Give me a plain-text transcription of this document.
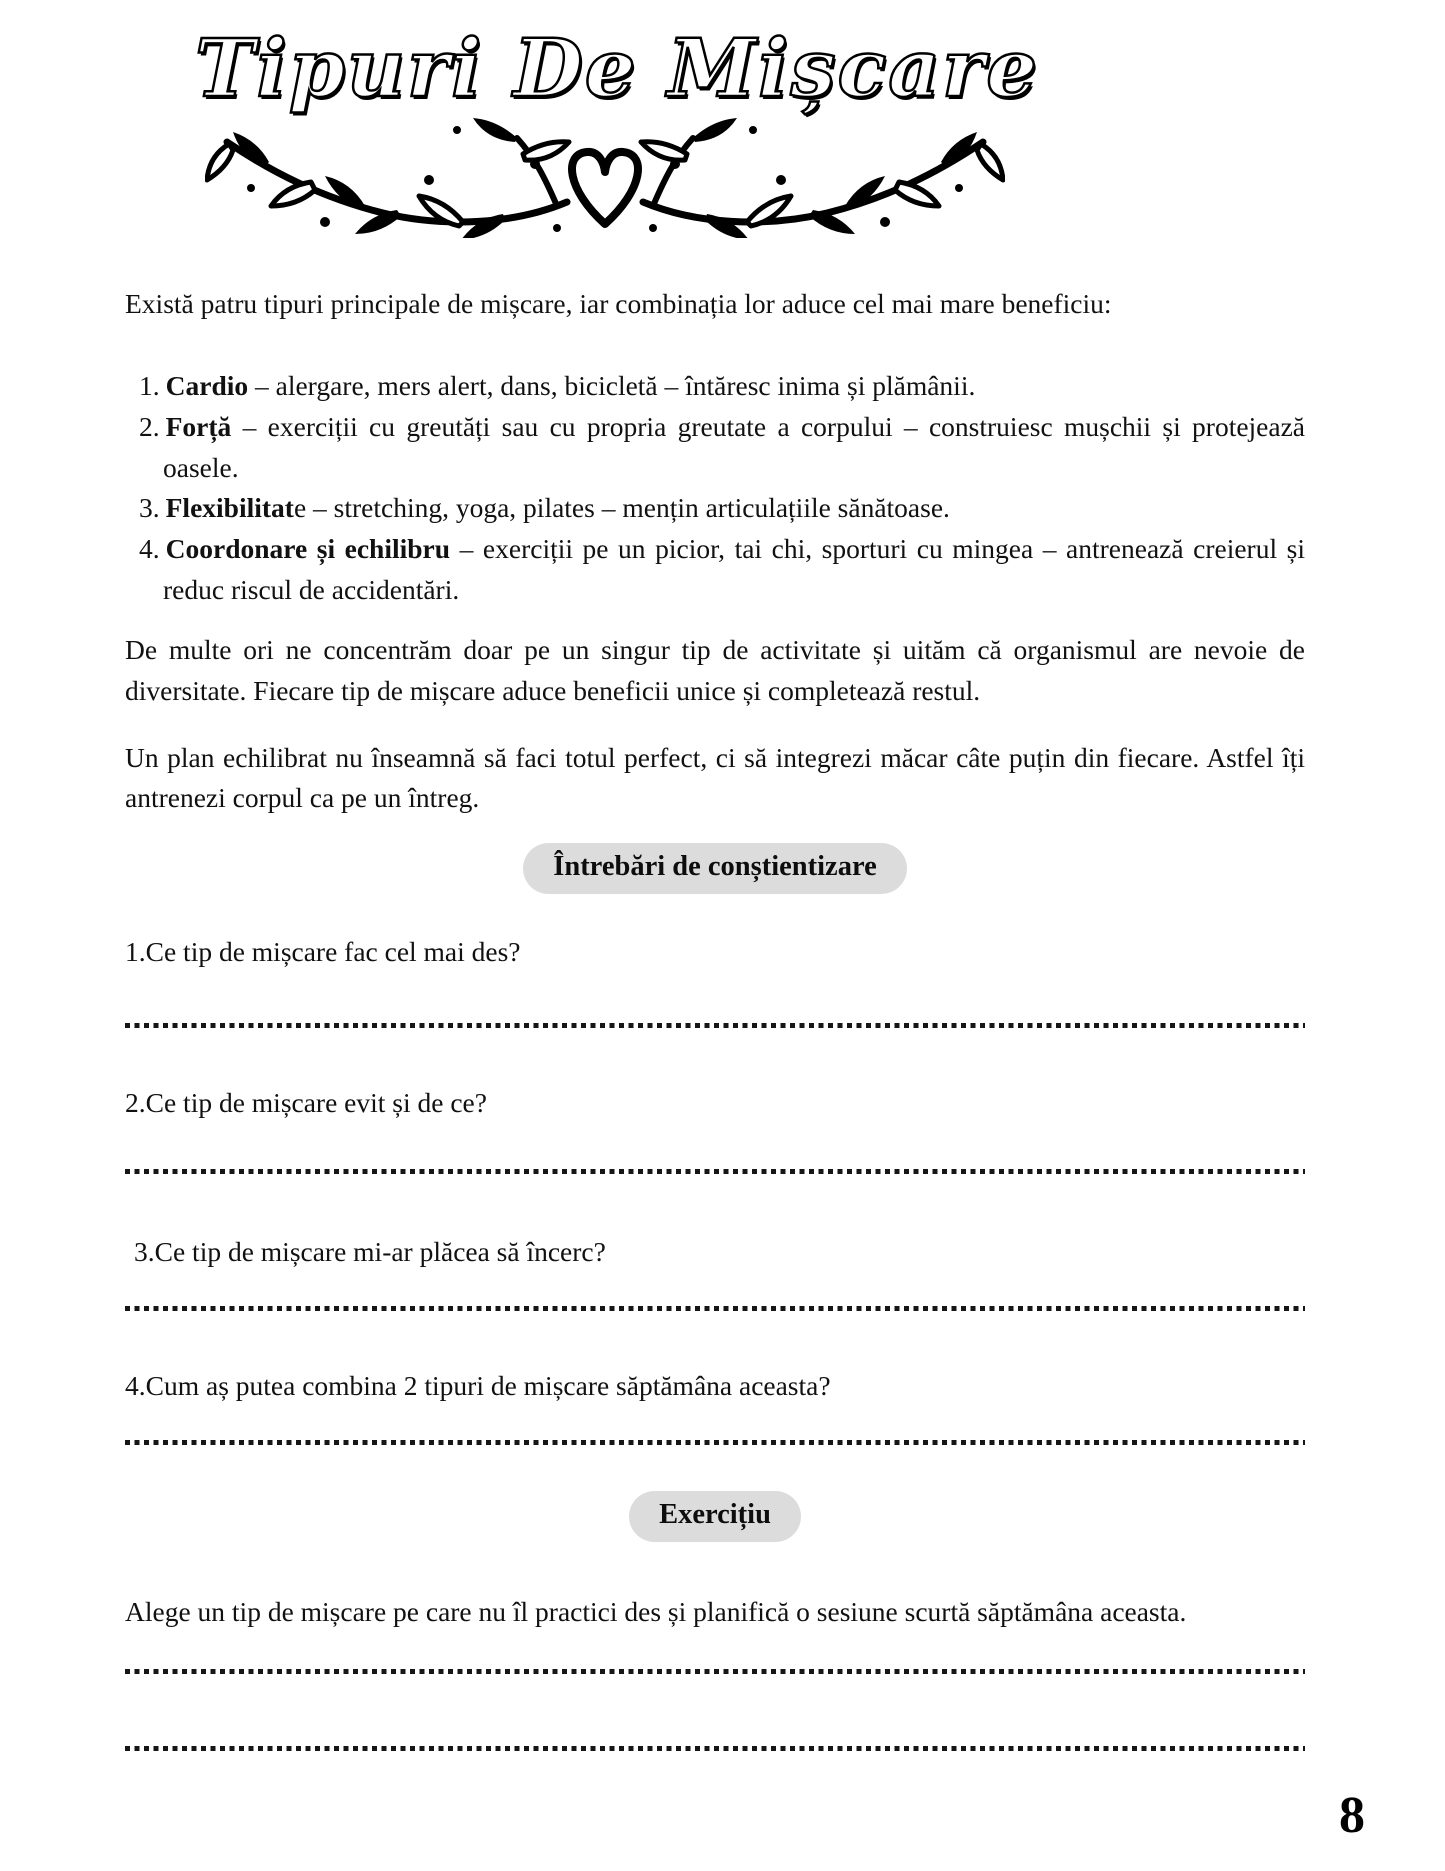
Tipuri De Mișcare

Există patru tipuri principale de mișcare, iar combinația lor aduce cel mai mare beneficiu:

1. Cardio – alergare, mers alert, dans, bicicletă – întăresc inima și plămânii.
2. Forță – exerciții cu greutăți sau cu propria greutate a corpului – construiesc mușchii și protejează oasele.
3. Flexibilitate – stretching, yoga, pilates – mențin articulațiile sănătoase.
4. Coordonare și echilibru – exerciții pe un picior, tai chi, sporturi cu mingea – antrenează creierul și reduc riscul de accidentări.

De multe ori ne concentrăm doar pe un singur tip de activitate și uităm că organismul are nevoie de diversitate. Fiecare tip de mișcare aduce beneficii unice și completează restul.

Un plan echilibrat nu înseamnă să faci totul perfect, ci să integrezi măcar câte puțin din fiecare. Astfel îți antrenezi corpul ca pe un întreg.

Întrebări de conștientizare
1.Ce tip de mișcare fac cel mai des?
2.Ce tip de mișcare evit și de ce?
3.Ce tip de mișcare mi-ar plăcea să încerc?
4.Cum aș putea combina 2 tipuri de mișcare săptămâna aceasta?
Exercițiu

Alege un tip de mișcare pe care nu îl practici des și planifică o sesiune scurtă săptămâna aceasta.

8
